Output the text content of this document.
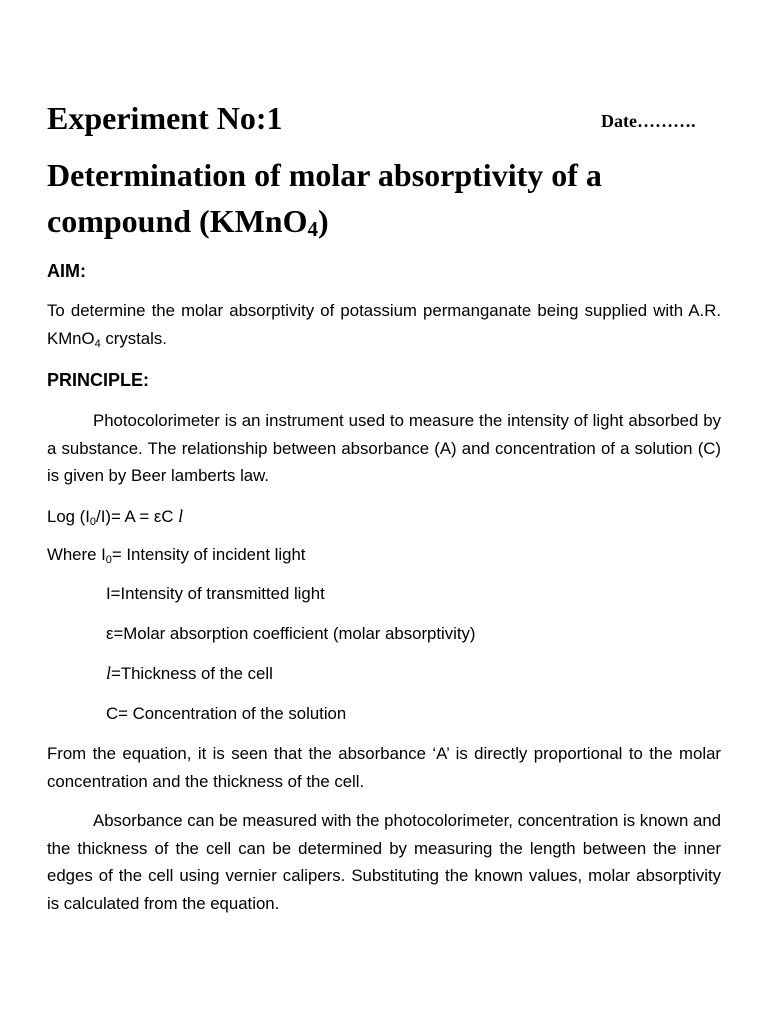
Experiment No:1	Date……….
Determination of molar absorptivity of a
compound (KMnO$_4$)
AIM:
To determine the molar absorptivity of potassium permanganate being supplied with A.R. KMnO$_4$ crystals.
PRINCIPLE:
Photocolorimeter is an instrument used to measure the intensity of light absorbed by a substance. The relationship between absorbance (A) and concentration of a solution (C) is given by Beer lamberts law.
Log $(I_0/I)= A = \varepsilon C$ l
Where $I_0=$ Intensity of incident light
I=Intensity of transmitted light
ε=Molar absorption coefficient (molar absorptivity)
l=Thickness of the cell
C= Concentration of the solution
From the equation, it is seen that the absorbance ‘A’ is directly proportional to the molar concentration and the thickness of the cell.
Absorbance can be measured with the photocolorimeter, concentration is known and the thickness of the cell can be determined by measuring the length between the inner edges of the cell using vernier calipers. Substituting the known values, molar absorptivity is calculated from the equation.
